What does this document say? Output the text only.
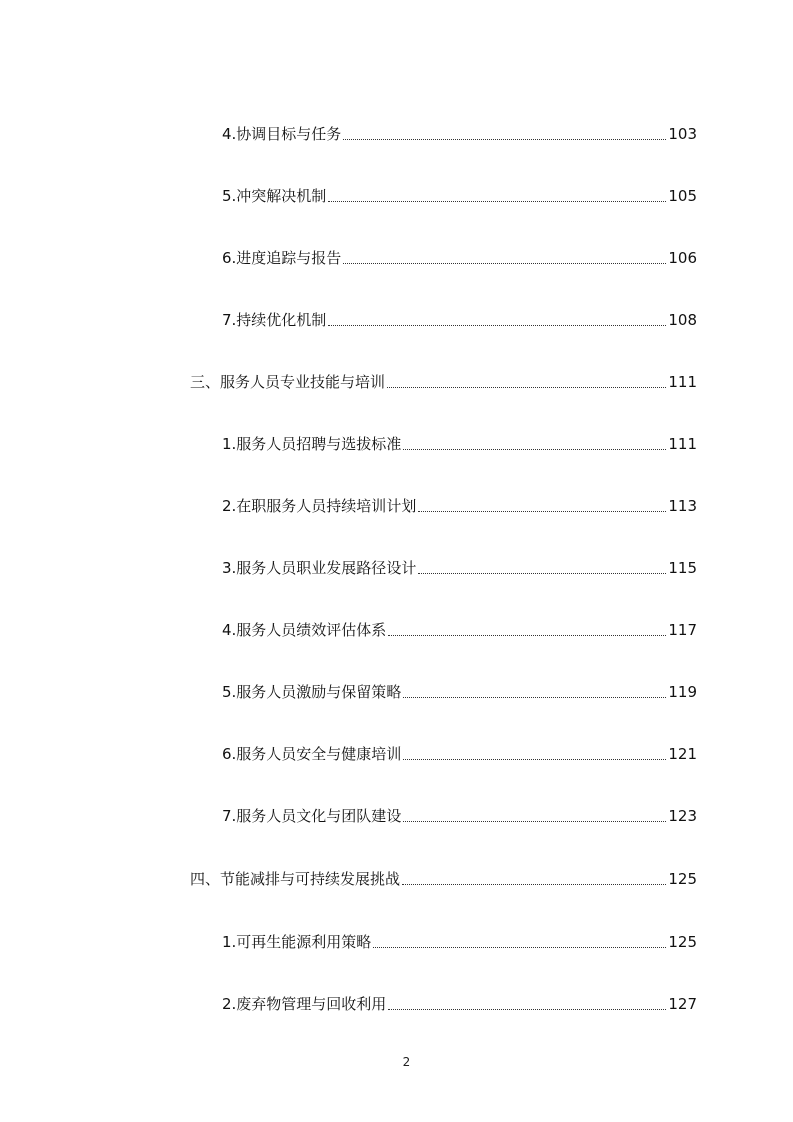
4.协调目标与任务	103
5.冲突解决机制	105
6.进度追踪与报告	106
7.持续优化机制	108
三、服务人员专业技能与培训	111
1.服务人员招聘与选拔标准	111
2.在职服务人员持续培训计划	113
3.服务人员职业发展路径设计	115
4.服务人员绩效评估体系	117
5.服务人员激励与保留策略	119
6.服务人员安全与健康培训	121
7.服务人员文化与团队建设	123
四、节能减排与可持续发展挑战	125
1.可再生能源利用策略	125
2.废弃物管理与回收利用	127
2
